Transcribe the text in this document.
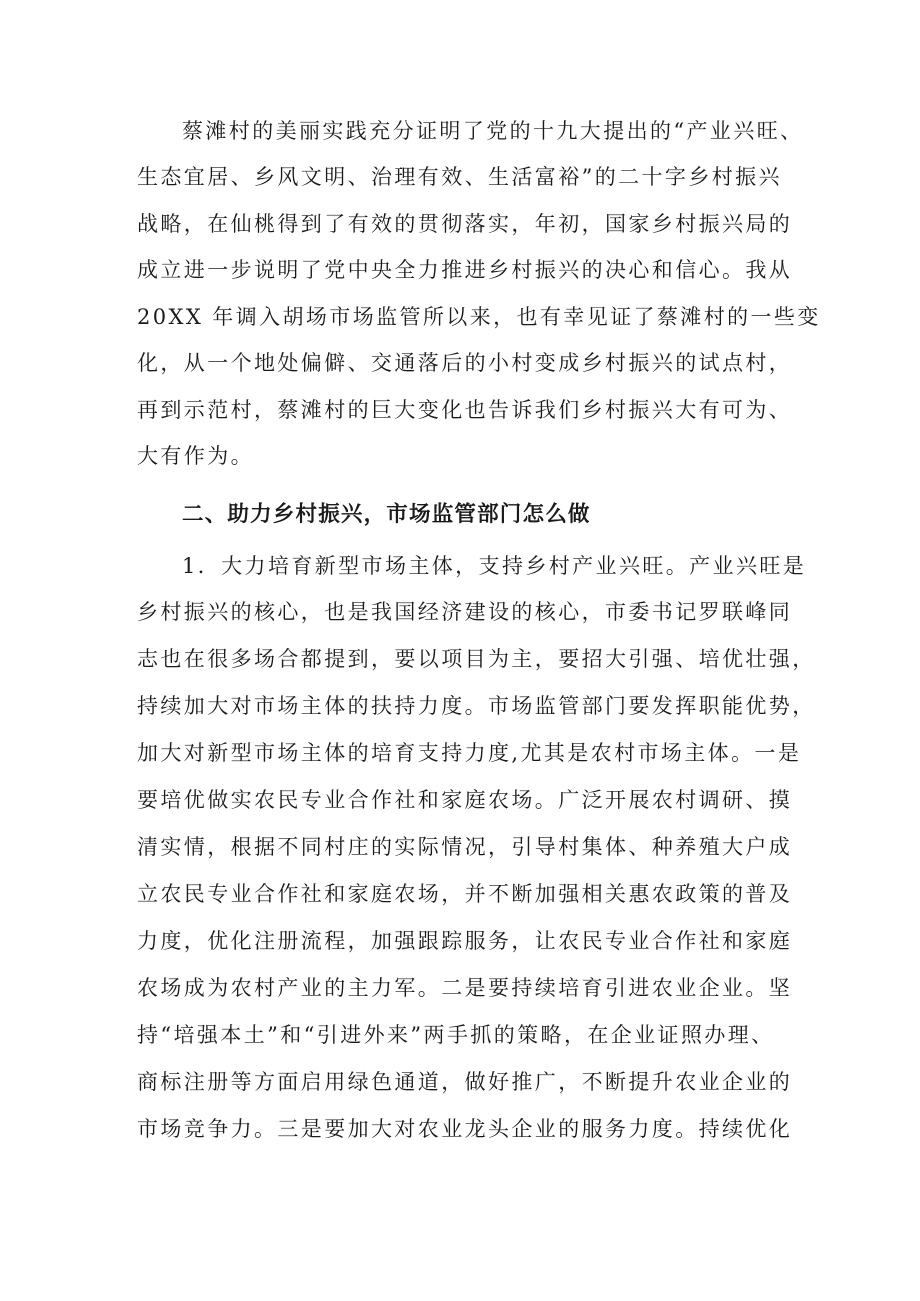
蔡滩村的美丽实践充分证明了党的十九大提出的“产业兴旺、
生态宜居、乡风文明、治理有效、生活富裕”的二十字乡村振兴
战略，在仙桃得到了有效的贯彻落实，年初，国家乡村振兴局的
成立进一步说明了党中央全力推进乡村振兴的决心和信心。我从
20XX 年调入胡场市场监管所以来，也有幸见证了蔡滩村的一些变
化，从一个地处偏僻、交通落后的小村变成乡村振兴的试点村，
再到示范村，蔡滩村的巨大变化也告诉我们乡村振兴大有可为、
大有作为。
二、助力乡村振兴，市场监管部门怎么做
1．大力培育新型市场主体，支持乡村产业兴旺。产业兴旺是
乡村振兴的核心，也是我国经济建设的核心，市委书记罗联峰同
志也在很多场合都提到，要以项目为主，要招大引强、培优壮强，
持续加大对市场主体的扶持力度。市场监管部门要发挥职能优势，
加大对新型市场主体的培育支持力度,尤其是农村市场主体。一是
要培优做实农民专业合作社和家庭农场。广泛开展农村调研、摸
清实情，根据不同村庄的实际情况，引导村集体、种养殖大户成
立农民专业合作社和家庭农场，并不断加强相关惠农政策的普及
力度，优化注册流程，加强跟踪服务，让农民专业合作社和家庭
农场成为农村产业的主力军。二是要持续培育引进农业企业。坚
持“培强本土”和“引进外来”两手抓的策略，在企业证照办理、
商标注册等方面启用绿色通道，做好推广，不断提升农业企业的
市场竞争力。三是要加大对农业龙头企业的服务力度。持续优化
